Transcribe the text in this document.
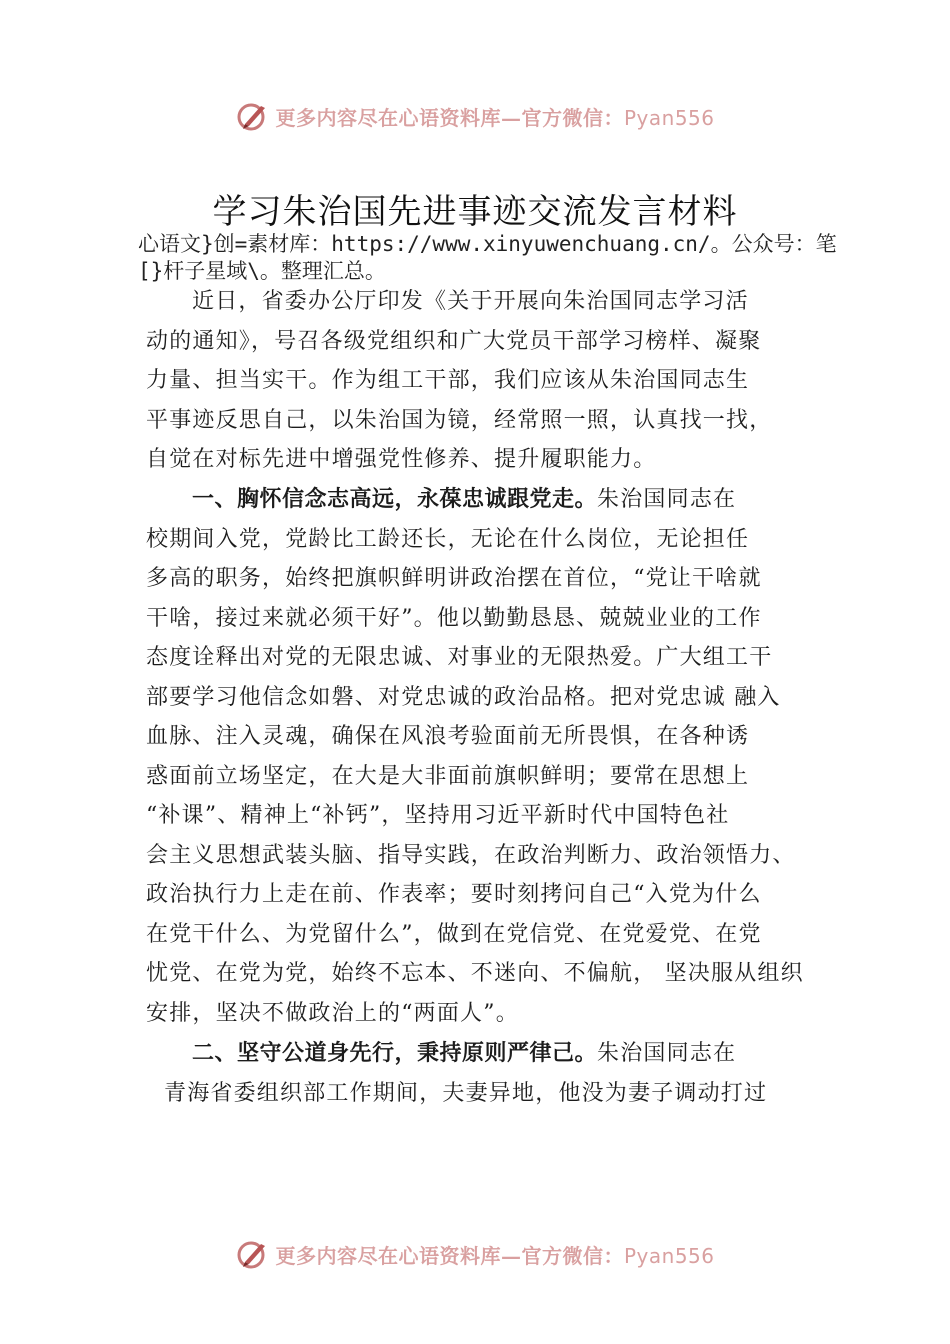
更多内容尽在心语资料库—官方微信：Pyan556
学习朱治国先进事迹交流发言材料
心语文}创=素材库：https://www.xinyuwenchuang.cn/。公众号：笔[}杆子星域\。整理汇总。
近日，省委办公厅印发《关于开展向朱治国同志学习活
动的通知》，号召各级党组织和广大党员干部学习榜样、凝聚
力量、担当实干。作为组工干部，我们应该从朱治国同志生
平事迹反思自己，以朱治国为镜，经常照一照，认真找一找，
自觉在对标先进中增强党性修养、提升履职能力。
一、胸怀信念志高远，永葆忠诚跟党走。朱治国同志在
校期间入党，党龄比工龄还长，无论在什么岗位，无论担任
多高的职务，始终把旗帜鲜明讲政治摆在首位，“党让干啥就
干啥，接过来就必须干好”。他以勤勤恳恳、兢兢业业的工作
态度诠释出对党的无限忠诚、对事业的无限热爱。广大组工干
部要学习他信念如磐、对党忠诚的政治品格。把对党忠诚 融入
血脉、注入灵魂，确保在风浪考验面前无所畏惧，在各种诱
惑面前立场坚定，在大是大非面前旗帜鲜明；要常在思想上
“补课”、精神上“补钙”，坚持用习近平新时代中国特色社
会主义思想武装头脑、指导实践，在政治判断力、政治领悟力、
政治执行力上走在前、作表率；要时刻拷问自己“入党为什么
在党干什么、为党留什么”，做到在党信党、在党爱党、在党
忧党、在党为党，始终不忘本、不迷向、不偏航， 坚决服从组织
安排，坚决不做政治上的“两面人”。
二、坚守公道身先行，秉持原则严律己。朱治国同志在
青海省委组织部工作期间，夫妻异地，他没为妻子调动打过
更多内容尽在心语资料库—官方微信：Pyan556
